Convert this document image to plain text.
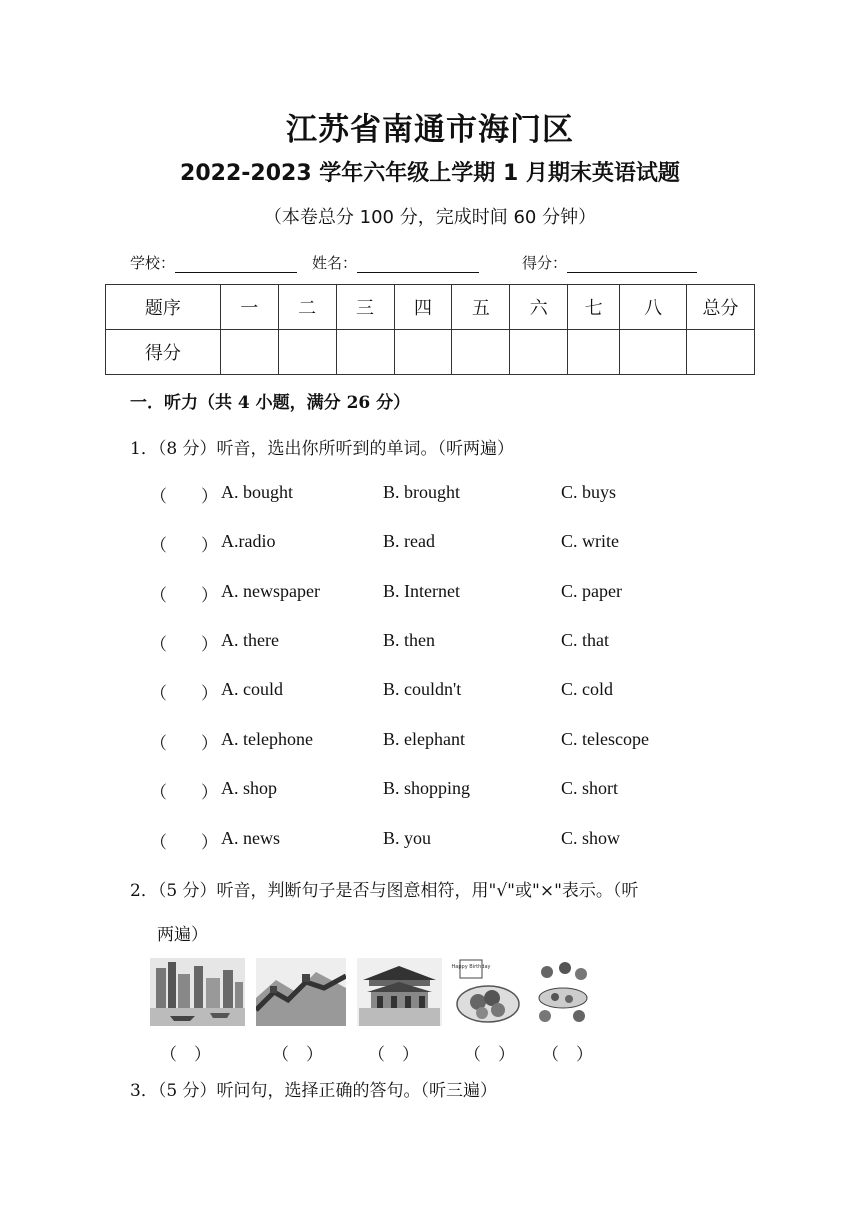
江苏省南通市海门区
2022-2023 学年六年级上学期 1 月期末英语试题
（本卷总分 100 分，完成时间 60 分钟）
学校：	姓名：	得分：
题序	一	二	三	四	五	六	七	八	总分
得分									
一．听力（共 4 小题，满分 26 分）
1．（8 分）听音，选出你所听到的单词。（听两遍）
（　　） A. bought	B. brought	C. buys
（　　） A.radio	B. read	C. write
（　　） A. newspaper	B. Internet	C. paper
（　　） A. there	B. then	C. that
（　　） A. could	B. couldn't	C. cold
（　　） A. telephone	B. elephant	C. telescope
（　　） A. shop	B. shopping	C. short
（　　） A. news	B. you	C. show
2．（5 分）听音，判断句子是否与图意相符，用"√"或"×"表示。（听
两遍）
Happy Birthday
（　）	（　）	（　）	（　） （　）
3．（5 分）听问句，选择正确的答句。（听三遍）
